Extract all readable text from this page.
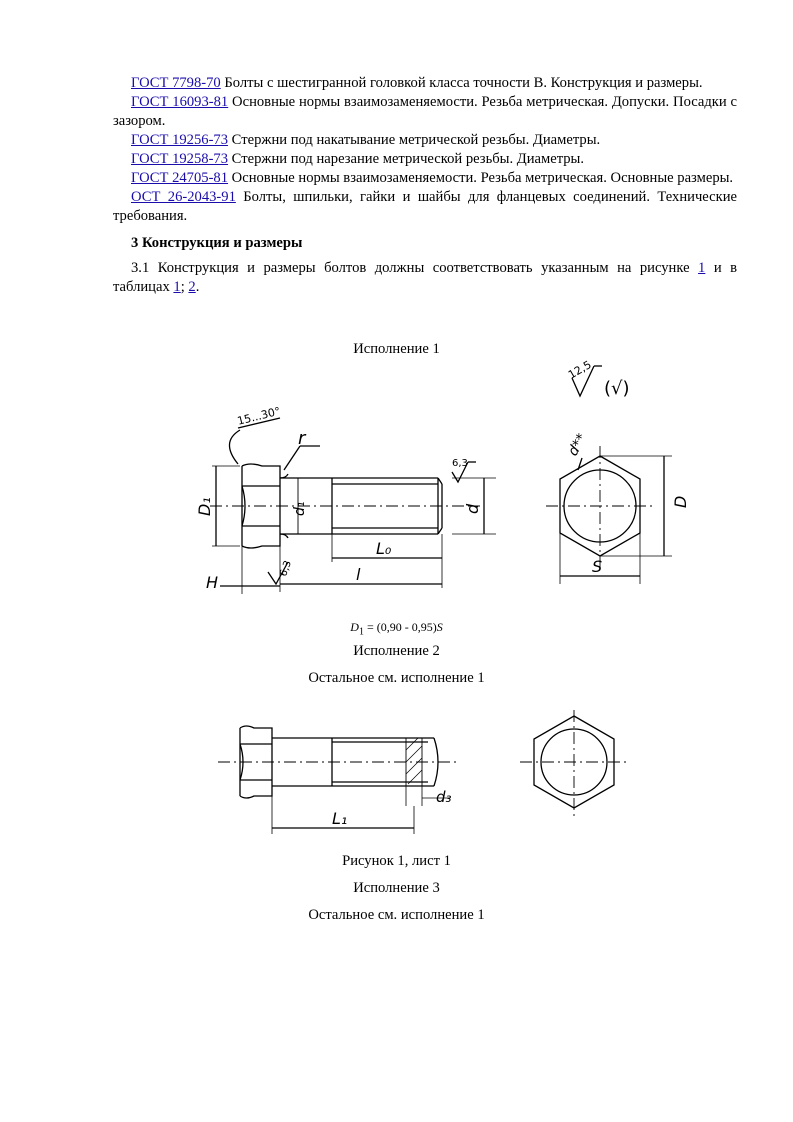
ГОСТ 7798-70 Болты с шестигранной головкой класса точности В. Конструкция и размеры.

ГОСТ 16093-81 Основные нормы взаимозаменяемости. Резьба метрическая. Допуски. Посадки с зазором.

ГОСТ 19256-73 Стержни под накатывание метрической резьбы. Диаметры.

ГОСТ 19258-73 Стержни под нарезание метрической резьбы. Диаметры.

ГОСТ 24705-81 Основные нормы взаимозаменяемости. Резьба метрическая. Основные размеры.

ОСТ 26-2043-91 Болты, шпильки, гайки и шайбы для фланцевых соединений. Технические требования.

3 Конструкция и размеры

3.1 Конструкция и размеры болтов должны соответствовать указанным на рисунке 1 и в таблицах 1; 2.

Исполнение 1
12,5
(√)
D₁	d₁	d
L₀
l
H
6,3
15...30°
r
6,3
D
S
d**
$D_1 = (0,90 - 0,95)S$
Исполнение 2
Остальное см. исполнение 1
d₃
L₁
Рисунок 1, лист 1
Исполнение 3
Остальное см. исполнение 1
